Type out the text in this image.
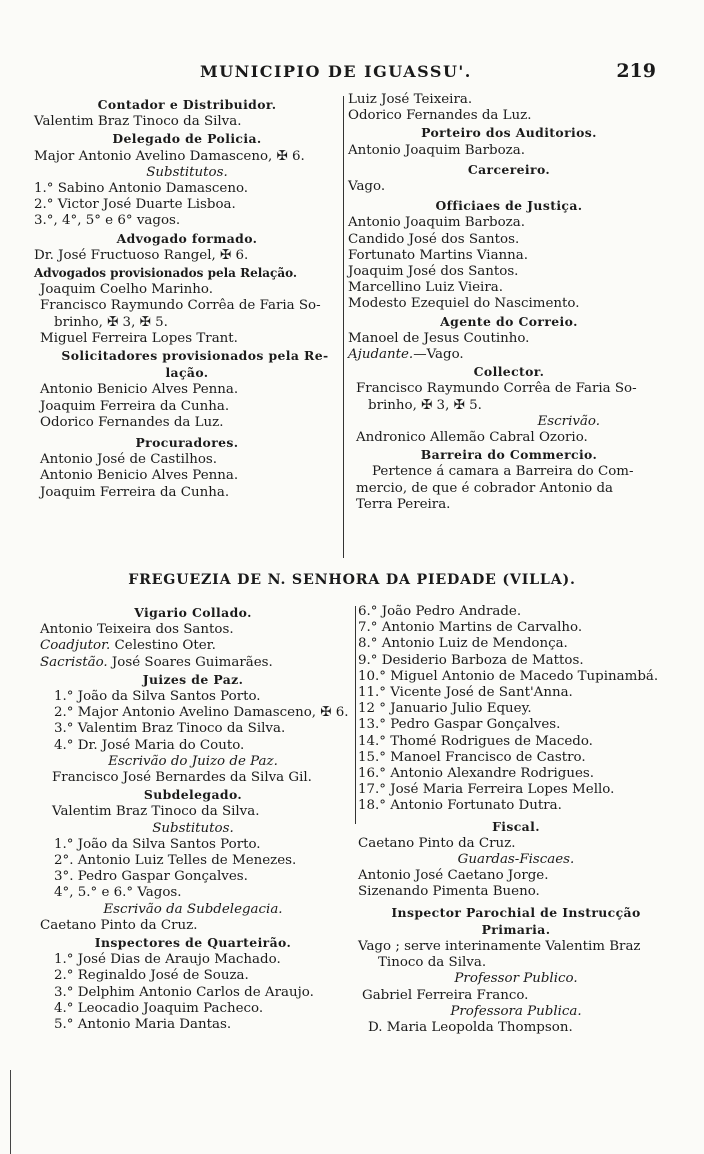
MUNICIPIO DE IGUASSU'.	219
Contador e Distribuidor.
Valentim Braz Tinoco da Silva.
Delegado de Policia.
Major Antonio Avelino Damasceno, ✠ 6.
Substitutos.
1.° Sabino Antonio Damasceno.
2.° Victor José Duarte Lisboa.
3.°, 4°, 5° e 6° vagos.
Advogado formado.
Dr. José Fructuoso Rangel, ✠ 6.
Advogados provisionados pela Relação.
Joaquim Coelho Marinho.
Francisco Raymundo Corrêa de Faria So-
brinho, ✠ 3, ✠ 5.
Miguel Ferreira Lopes Trant.
Solicitadores provisionados pela Re-
lação.
Antonio Benicio Alves Penna.
Joaquim Ferreira da Cunha.
Odorico Fernandes da Luz.
Procuradores.
Antonio José de Castilhos.
Antonio Benicio Alves Penna.
Joaquim Ferreira da Cunha.
Luiz José Teixeira.
Odorico Fernandes da Luz.
Porteiro dos Auditorios.
Antonio Joaquim Barboza.
Carcereiro.
Vago.
Officiaes de Justiça.
Antonio Joaquim Barboza.
Candido José dos Santos.
Fortunato Martins Vianna.
Joaquim José dos Santos.
Marcellino Luiz Vieira.
Modesto Ezequiel do Nascimento.
Agente do Correio.
Manoel de Jesus Coutinho.
Ajudante.—Vago.
Collector.
Francisco Raymundo Corrêa de Faria So-
brinho, ✠ 3, ✠ 5.
Escrivão.
Andronico Allemão Cabral Ozorio.
Barreira do Commercio.
Pertence á camara a Barreira do Com-
mercio, de que é cobrador Antonio da
Terra Pereira.
FREGUEZIA DE N. SENHORA DA PIEDADE (VILLA).
Vigario Collado.
Antonio Teixeira dos Santos.
Coadjutor. Celestino Oter.
Sacristão. José Soares Guimarães.
Juizes de Paz.
1.° João da Silva Santos Porto.
2.° Major Antonio Avelino Damasceno, ✠ 6.
3.° Valentim Braz Tinoco da Silva.
4.° Dr. José Maria do Couto.
Escrivão do Juizo de Paz.
Francisco José Bernardes da Silva Gil.
Subdelegado.
Valentim Braz Tinoco da Silva.
Substitutos.
1.° João da Silva Santos Porto.
2°. Antonio Luiz Telles de Menezes.
3°. Pedro Gaspar Gonçalves.
4°, 5.° e 6.° Vagos.
Escrivão da Subdelegacia.
Caetano Pinto da Cruz.
Inspectores de Quarteirão.
1.° José Dias de Araujo Machado.
2.° Reginaldo José de Souza.
3.° Delphim Antonio Carlos de Araujo.
4.° Leocadio Joaquim Pacheco.
5.° Antonio Maria Dantas.
6.° João Pedro Andrade.
7.° Antonio Martins de Carvalho.
8.° Antonio Luiz de Mendonça.
9.° Desiderio Barboza de Mattos.
10.° Miguel Antonio de Macedo Tupinambá.
11.° Vicente José de Sant'Anna.
12 ° Januario Julio Equey.
13.° Pedro Gaspar Gonçalves.
14.° Thomé Rodrigues de Macedo.
15.° Manoel Francisco de Castro.
16.° Antonio Alexandre Rodrigues.
17.° José Maria Ferreira Lopes Mello.
18.° Antonio Fortunato Dutra.
Fiscal.
Caetano Pinto da Cruz.
Guardas-Fiscaes.
Antonio José Caetano Jorge.
Sizenando Pimenta Bueno.
Inspector Parochial de Instrucção
Primaria.
Vago ; serve interinamente Valentim Braz
Tinoco da Silva.
Professor Publico.
Gabriel Ferreira Franco.
Professora Publica.
D. Maria Leopolda Thompson.
